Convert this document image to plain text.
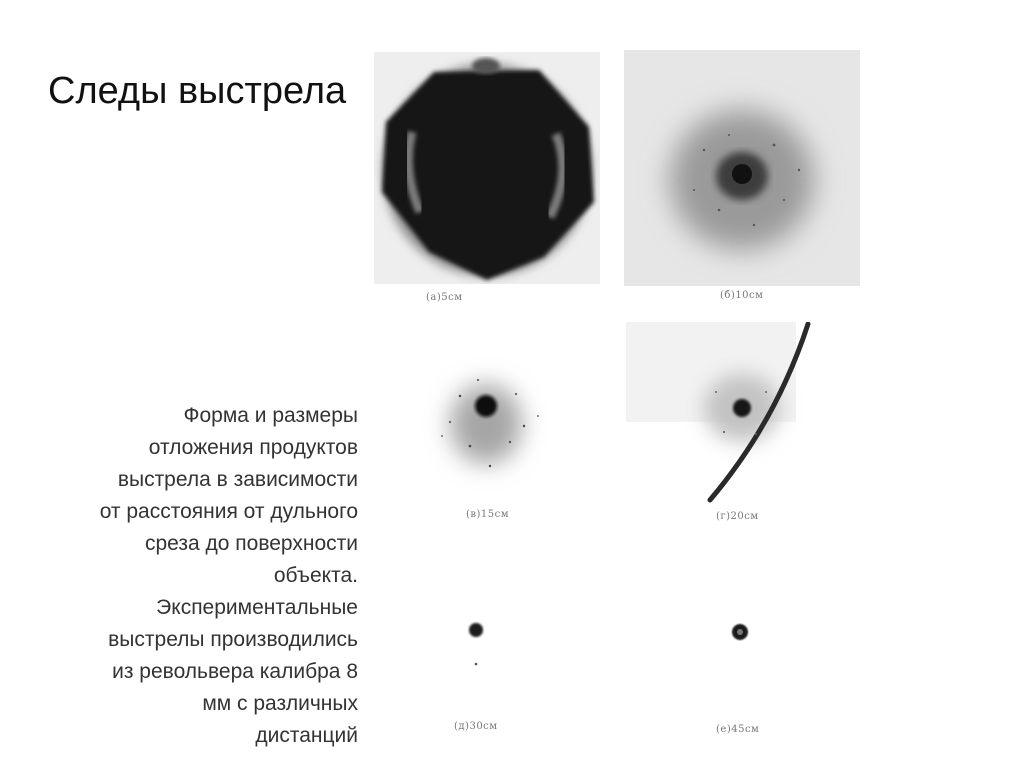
Следы выстрела
Форма и размеры
отложения продуктов
выстрела в зависимости
от расстояния от дульного
среза до поверхности
объекта.
Экспериментальные
выстрелы производились
из револьвера калибра 8
мм с различных
дистанций
(а)5см	(б)10см
(в)15см	(г)20см
(д)30см	(е)45см
